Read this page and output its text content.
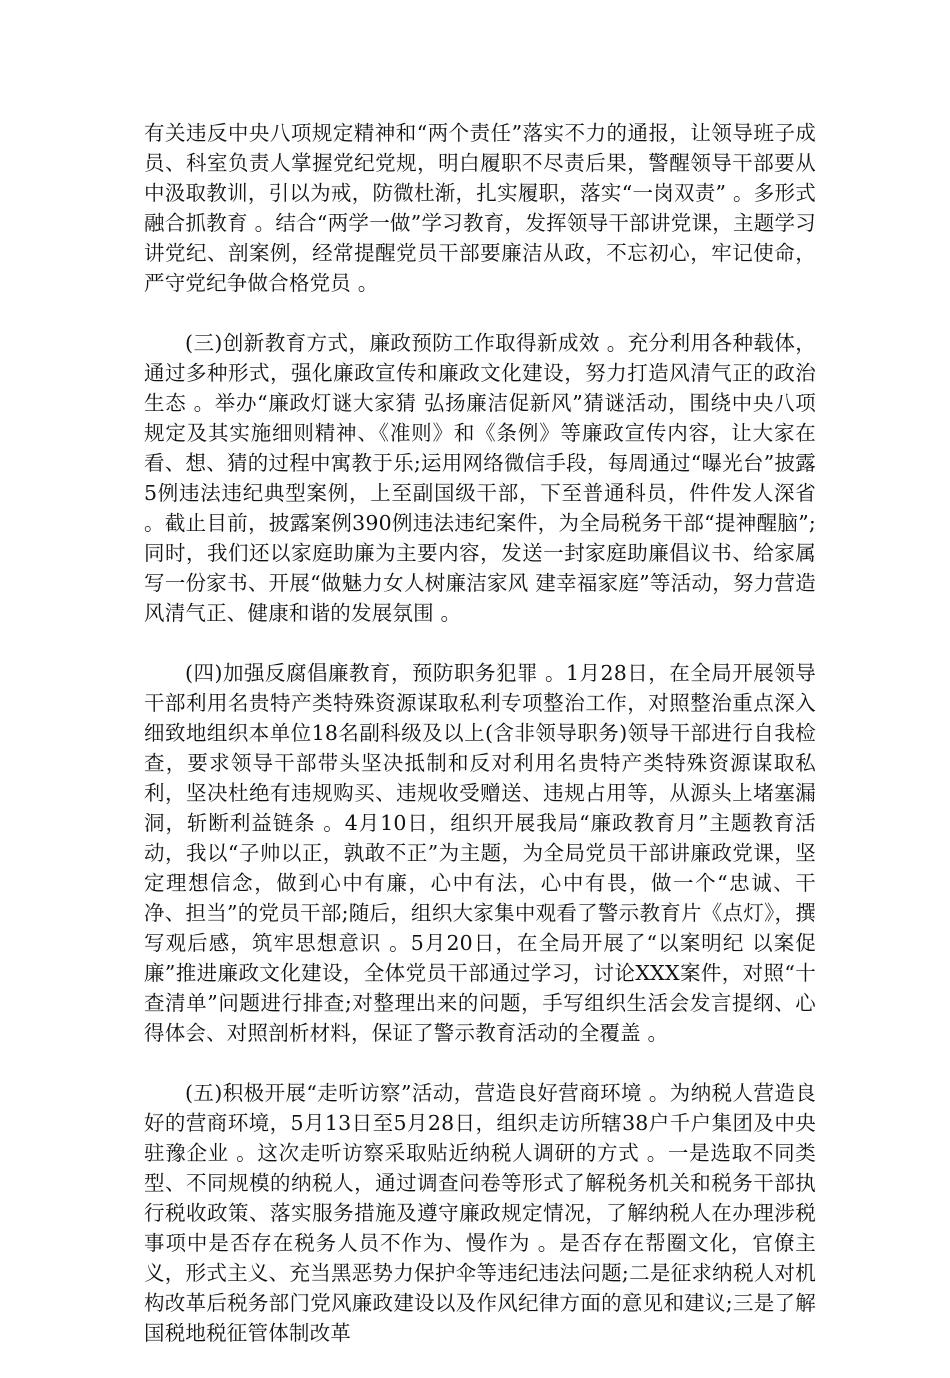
有关违反中央八项规定精神和“两个责任”落实不力的通报，让领导班子成员、科室负责人掌握党纪党规，明白履职不尽责后果，警醒领导干部要从中汲取教训，引以为戒，防微杜渐，扎实履职，落实“一岗双责” 。多形式融合抓教育 。结合“两学一做”学习教育，发挥领导干部讲党课，主题学习讲党纪、剖案例，经常提醒党员干部要廉洁从政，不忘初心，牢记使命，严守党纪争做合格党员 。

(三)创新教育方式，廉政预防工作取得新成效 。充分利用各种载体，通过多种形式，强化廉政宣传和廉政文化建设，努力打造风清气正的政治生态 。举办“廉政灯谜大家猜 弘扬廉洁促新风”猜谜活动，围绕中央八项规定及其实施细则精神、《准则》和《条例》等廉政宣传内容，让大家在看、想、猜的过程中寓教于乐;运用网络微信手段，每周通过“曝光台”披露5例违法违纪典型案例，上至副国级干部，下至普通科员，件件发人深省 。截止目前，披露案例390例违法违纪案件，为全局税务干部“提神醒脑”;同时，我们还以家庭助廉为主要内容，发送一封家庭助廉倡议书、给家属写一份家书、开展“做魅力女人树廉洁家风 建幸福家庭”等活动，努力营造风清气正、健康和谐的发展氛围 。

(四)加强反腐倡廉教育，预防职务犯罪 。1月28日，在全局开展领导干部利用名贵特产类特殊资源谋取私利专项整治工作，对照整治重点深入细致地组织本单位18名副科级及以上(含非领导职务)领导干部进行自我检查，要求领导干部带头坚决抵制和反对利用名贵特产类特殊资源谋取私利，坚决杜绝有违规购买、违规收受赠送、违规占用等，从源头上堵塞漏洞，斩断利益链条 。4月10日，组织开展我局“廉政教育月”主题教育活动，我以“子帅以正，孰敢不正”为主题，为全局党员干部讲廉政党课，坚定理想信念，做到心中有廉，心中有法，心中有畏，做一个“忠诚、干净、担当”的党员干部;随后，组织大家集中观看了警示教育片《点灯》，撰写观后感，筑牢思想意识 。5月20日，在全局开展了“以案明纪 以案促廉”推进廉政文化建设，全体党员干部通过学习，讨论XXX案件，对照“十查清单”问题进行排查;对整理出来的问题，手写组织生活会发言提纲、心得体会、对照剖析材料，保证了警示教育活动的全覆盖 。

(五)积极开展“走听访察”活动，营造良好营商环境 。为纳税人营造良好的营商环境，5月13日至5月28日，组织走访所辖38户千户集团及中央驻豫企业 。这次走听访察采取贴近纳税人调研的方式 。一是选取不同类型、不同规模的纳税人，通过调查问卷等形式了解税务机关和税务干部执行税收政策、落实服务措施及遵守廉政规定情况，了解纳税人在办理涉税事项中是否存在税务人员不作为、慢作为 。是否存在帮圈文化，官僚主义，形式主义、充当黑恶势力保护伞等违纪违法问题;二是征求纳税人对机构改革后税务部门党风廉政建设以及作风纪律方面的意见和建议;三是了解国税地税征管体制改革
